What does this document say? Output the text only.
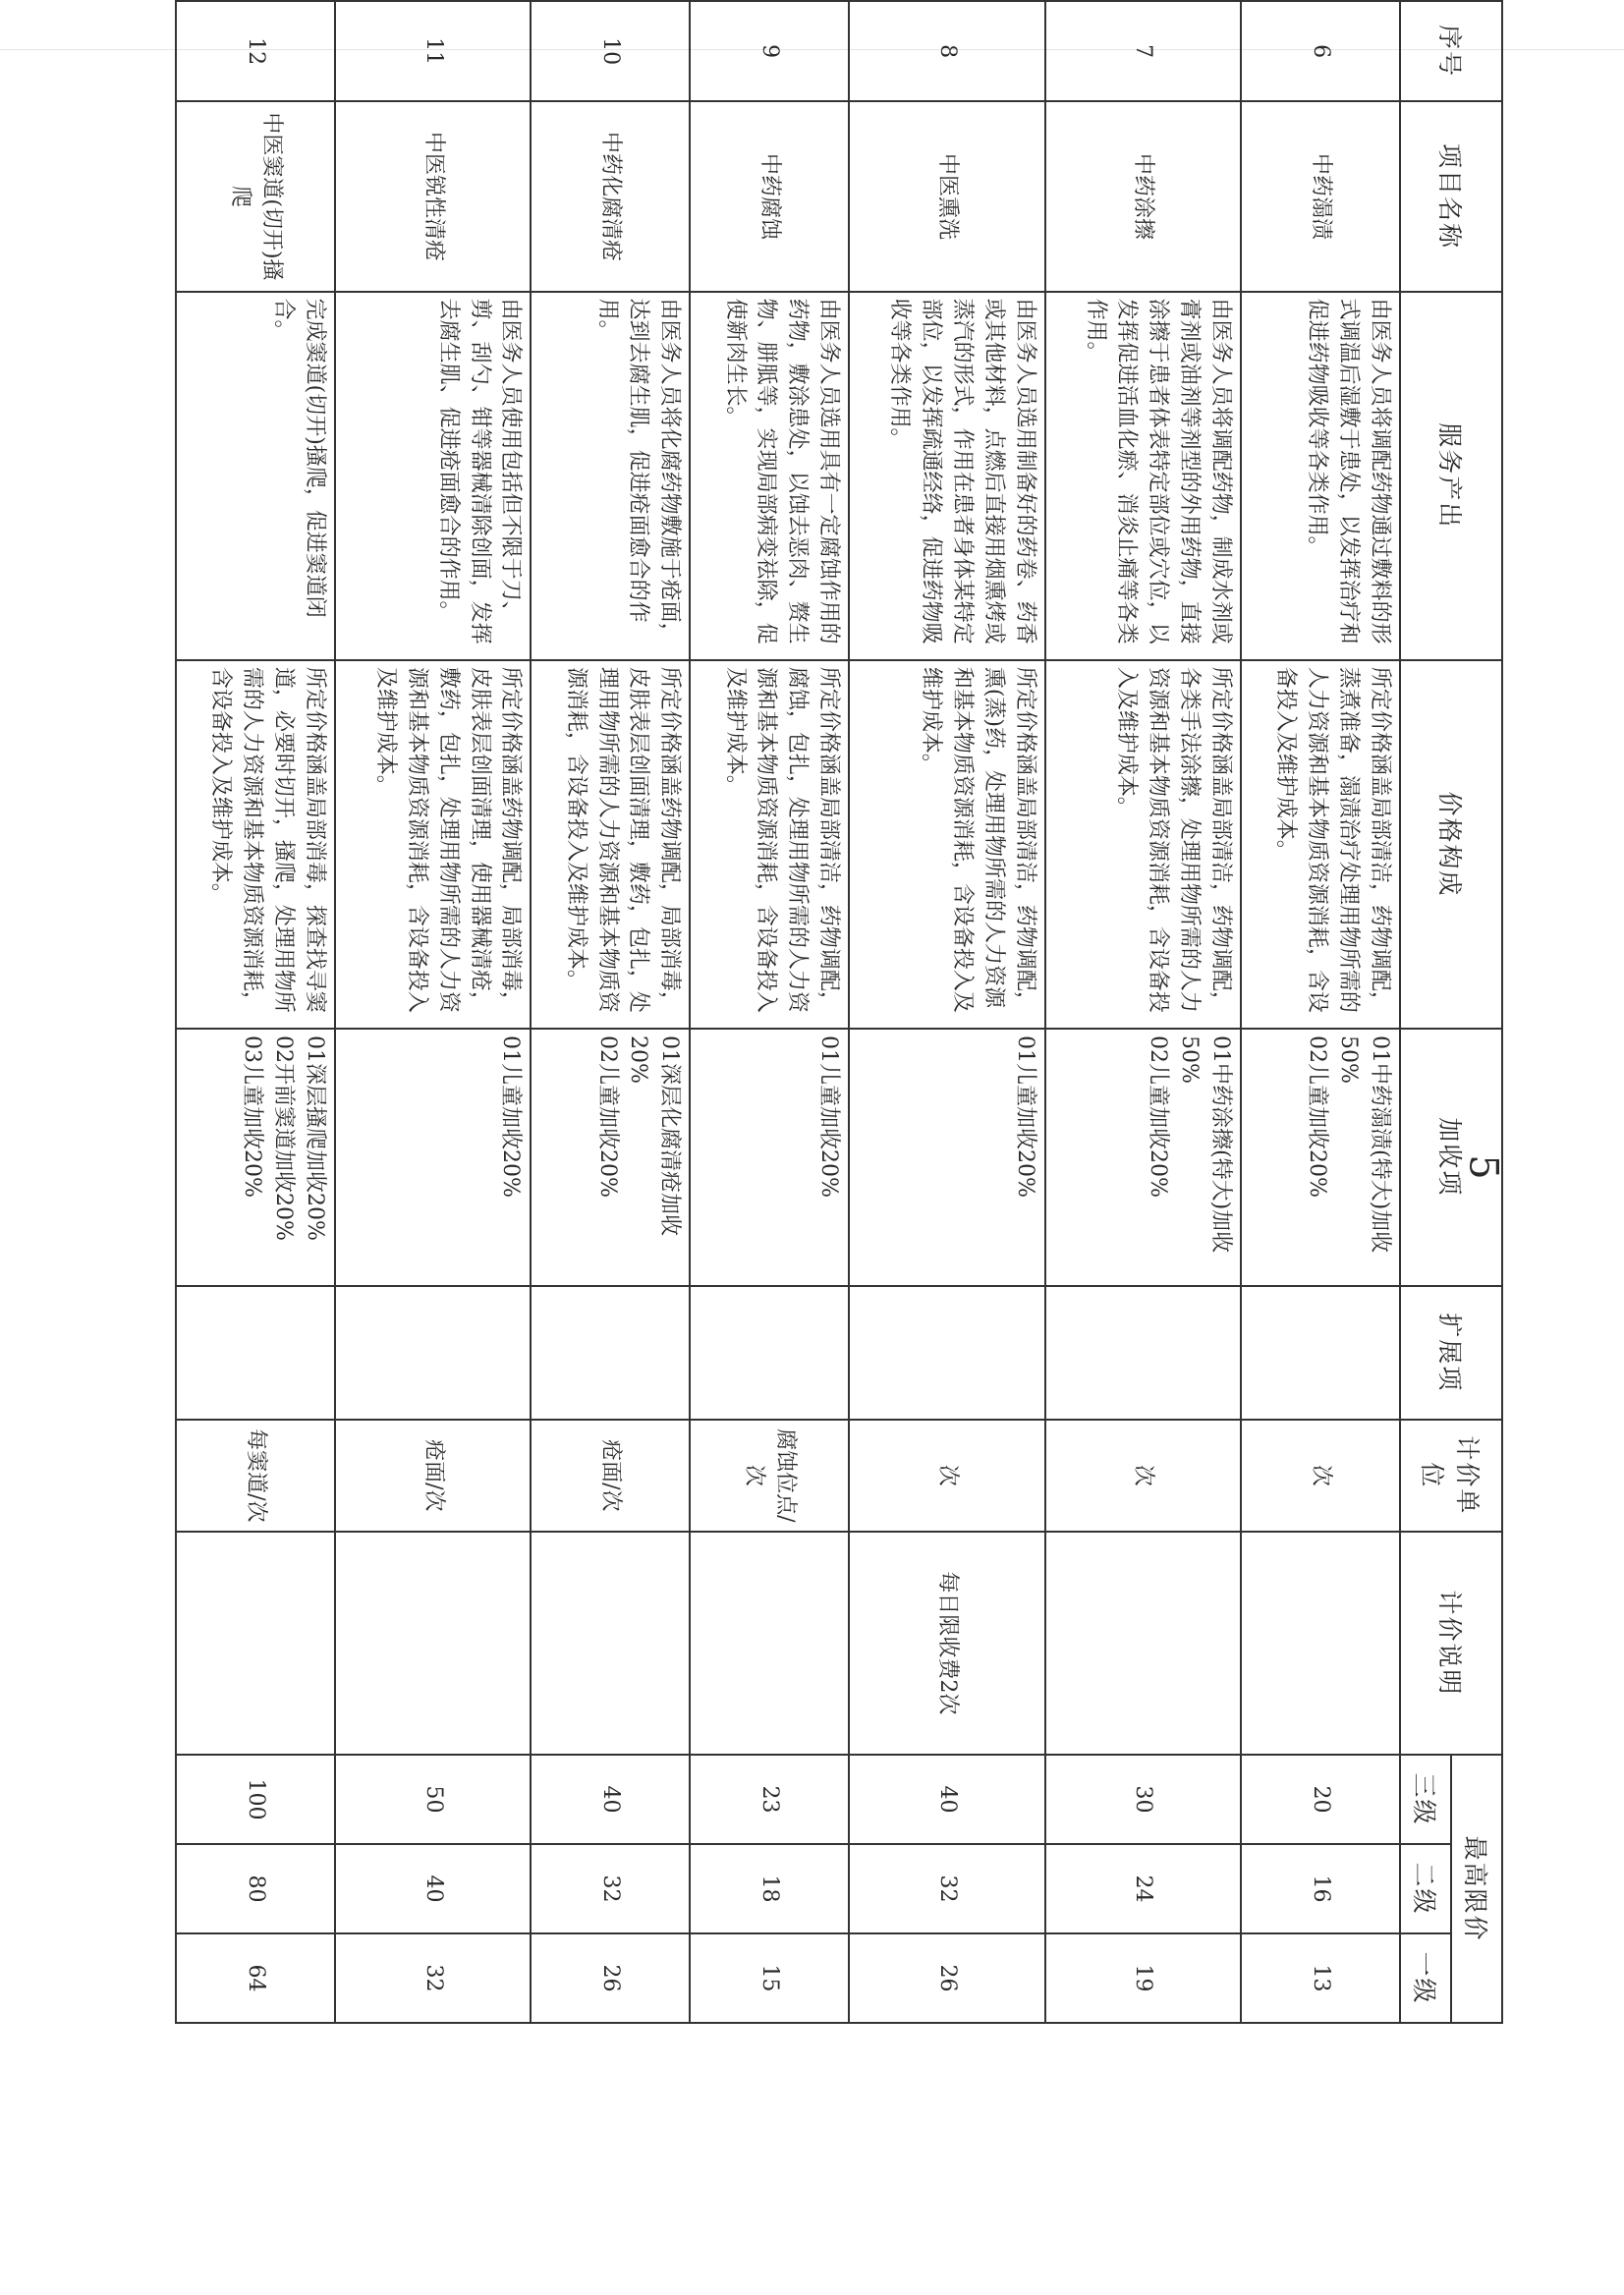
序号	项目名称	服务产出	价格构成	加收项	扩展项	计价单位	计价说明	最高限价		
								三级	二级	一级
6	中药溻渍	由医务人员将调配药物通过敷料的形式调温后湿敷于患处，以发挥治疗和促进药物吸收等各类作用。	所定价格涵盖局部清洁，药物调配，蒸煮准备，溻渍治疗处理用物所需的人力资源和基本物质资源消耗，含设备投入及维护成本。	01中药溻渍(特大)加收50%
02儿童加收20%		次		20	16	13
7	中药涂擦	由医务人员将调配药物，制成水剂或膏剂或油剂等剂型的外用药物，直接涂擦于患者体表特定部位或穴位，以发挥促进活血化瘀、消炎止痛等各类作用。	所定价格涵盖局部清洁，药物调配，各类手法涂擦，处理用物所需的人力资源和基本物质资源消耗，含设备投入及维护成本。	01中药涂擦(特大)加收50%
02儿童加收20%		次		30	24	19
8	中医熏洗	由医务人员选用制备好的药卷、药香或其他材料，点燃后直接用烟熏烤或蒸汽的形式，作用在患者身体某特定部位，以发挥疏通经络，促进药物吸收等各类作用。	所定价格涵盖局部清洁，药物调配，熏(蒸)药，处理用物所需的人力资源和基本物质资源消耗，含设备投入及维护成本。	01儿童加收20%		次	每日限收费2次	40	32	26
9	中药腐蚀	由医务人员选用具有一定腐蚀作用的药物，敷涂患处，以蚀去恶肉、赘生物、胼胝等，实现局部病变祛除，促使新肉生长。	所定价格涵盖局部清洁，药物调配，腐蚀，包扎，处理用物所需的人力资源和基本物质资源消耗，含设备投入及维护成本。	01儿童加收20%		腐蚀位点/次		23	18	15
10	中药化腐清疮	由医务人员将化腐药物敷施于疮面，达到去腐生肌，促进疮面愈合的作用。	所定价格涵盖药物调配，局部消毒，皮肤表层创面清理，敷药，包扎，处理用物所需的人力资源和基本物质资源消耗，含设备投入及维护成本。	01深层化腐清疮加收20%
02儿童加收20%		疮面/次		40	32	26
11	中医锐性清疮	由医务人员使用包括但不限于刀、剪、刮勺、钳等器械清除创面，发挥去腐生肌、促进疮面愈合的作用。	所定价格涵盖药物调配，局部消毒，皮肤表层创面清理，使用器械清疮，敷药，包扎，处理用物所需的人力资源和基本物质资源消耗，含设备投入及维护成本。	01儿童加收20%		疮面/次		50	40	32
12	中医窦道(切开)搔爬	完成窦道(切开)搔爬，促进窦道闭合。	所定价格涵盖局部消毒，探查找寻窦道，必要时切开，搔爬，处理用物所需的人力资源和基本物质资源消耗，含设备投入及维护成本。	01深层搔爬加收20%
02开前窦道加收20%
03儿童加收20%		每窦道/次		100	80	64
5
